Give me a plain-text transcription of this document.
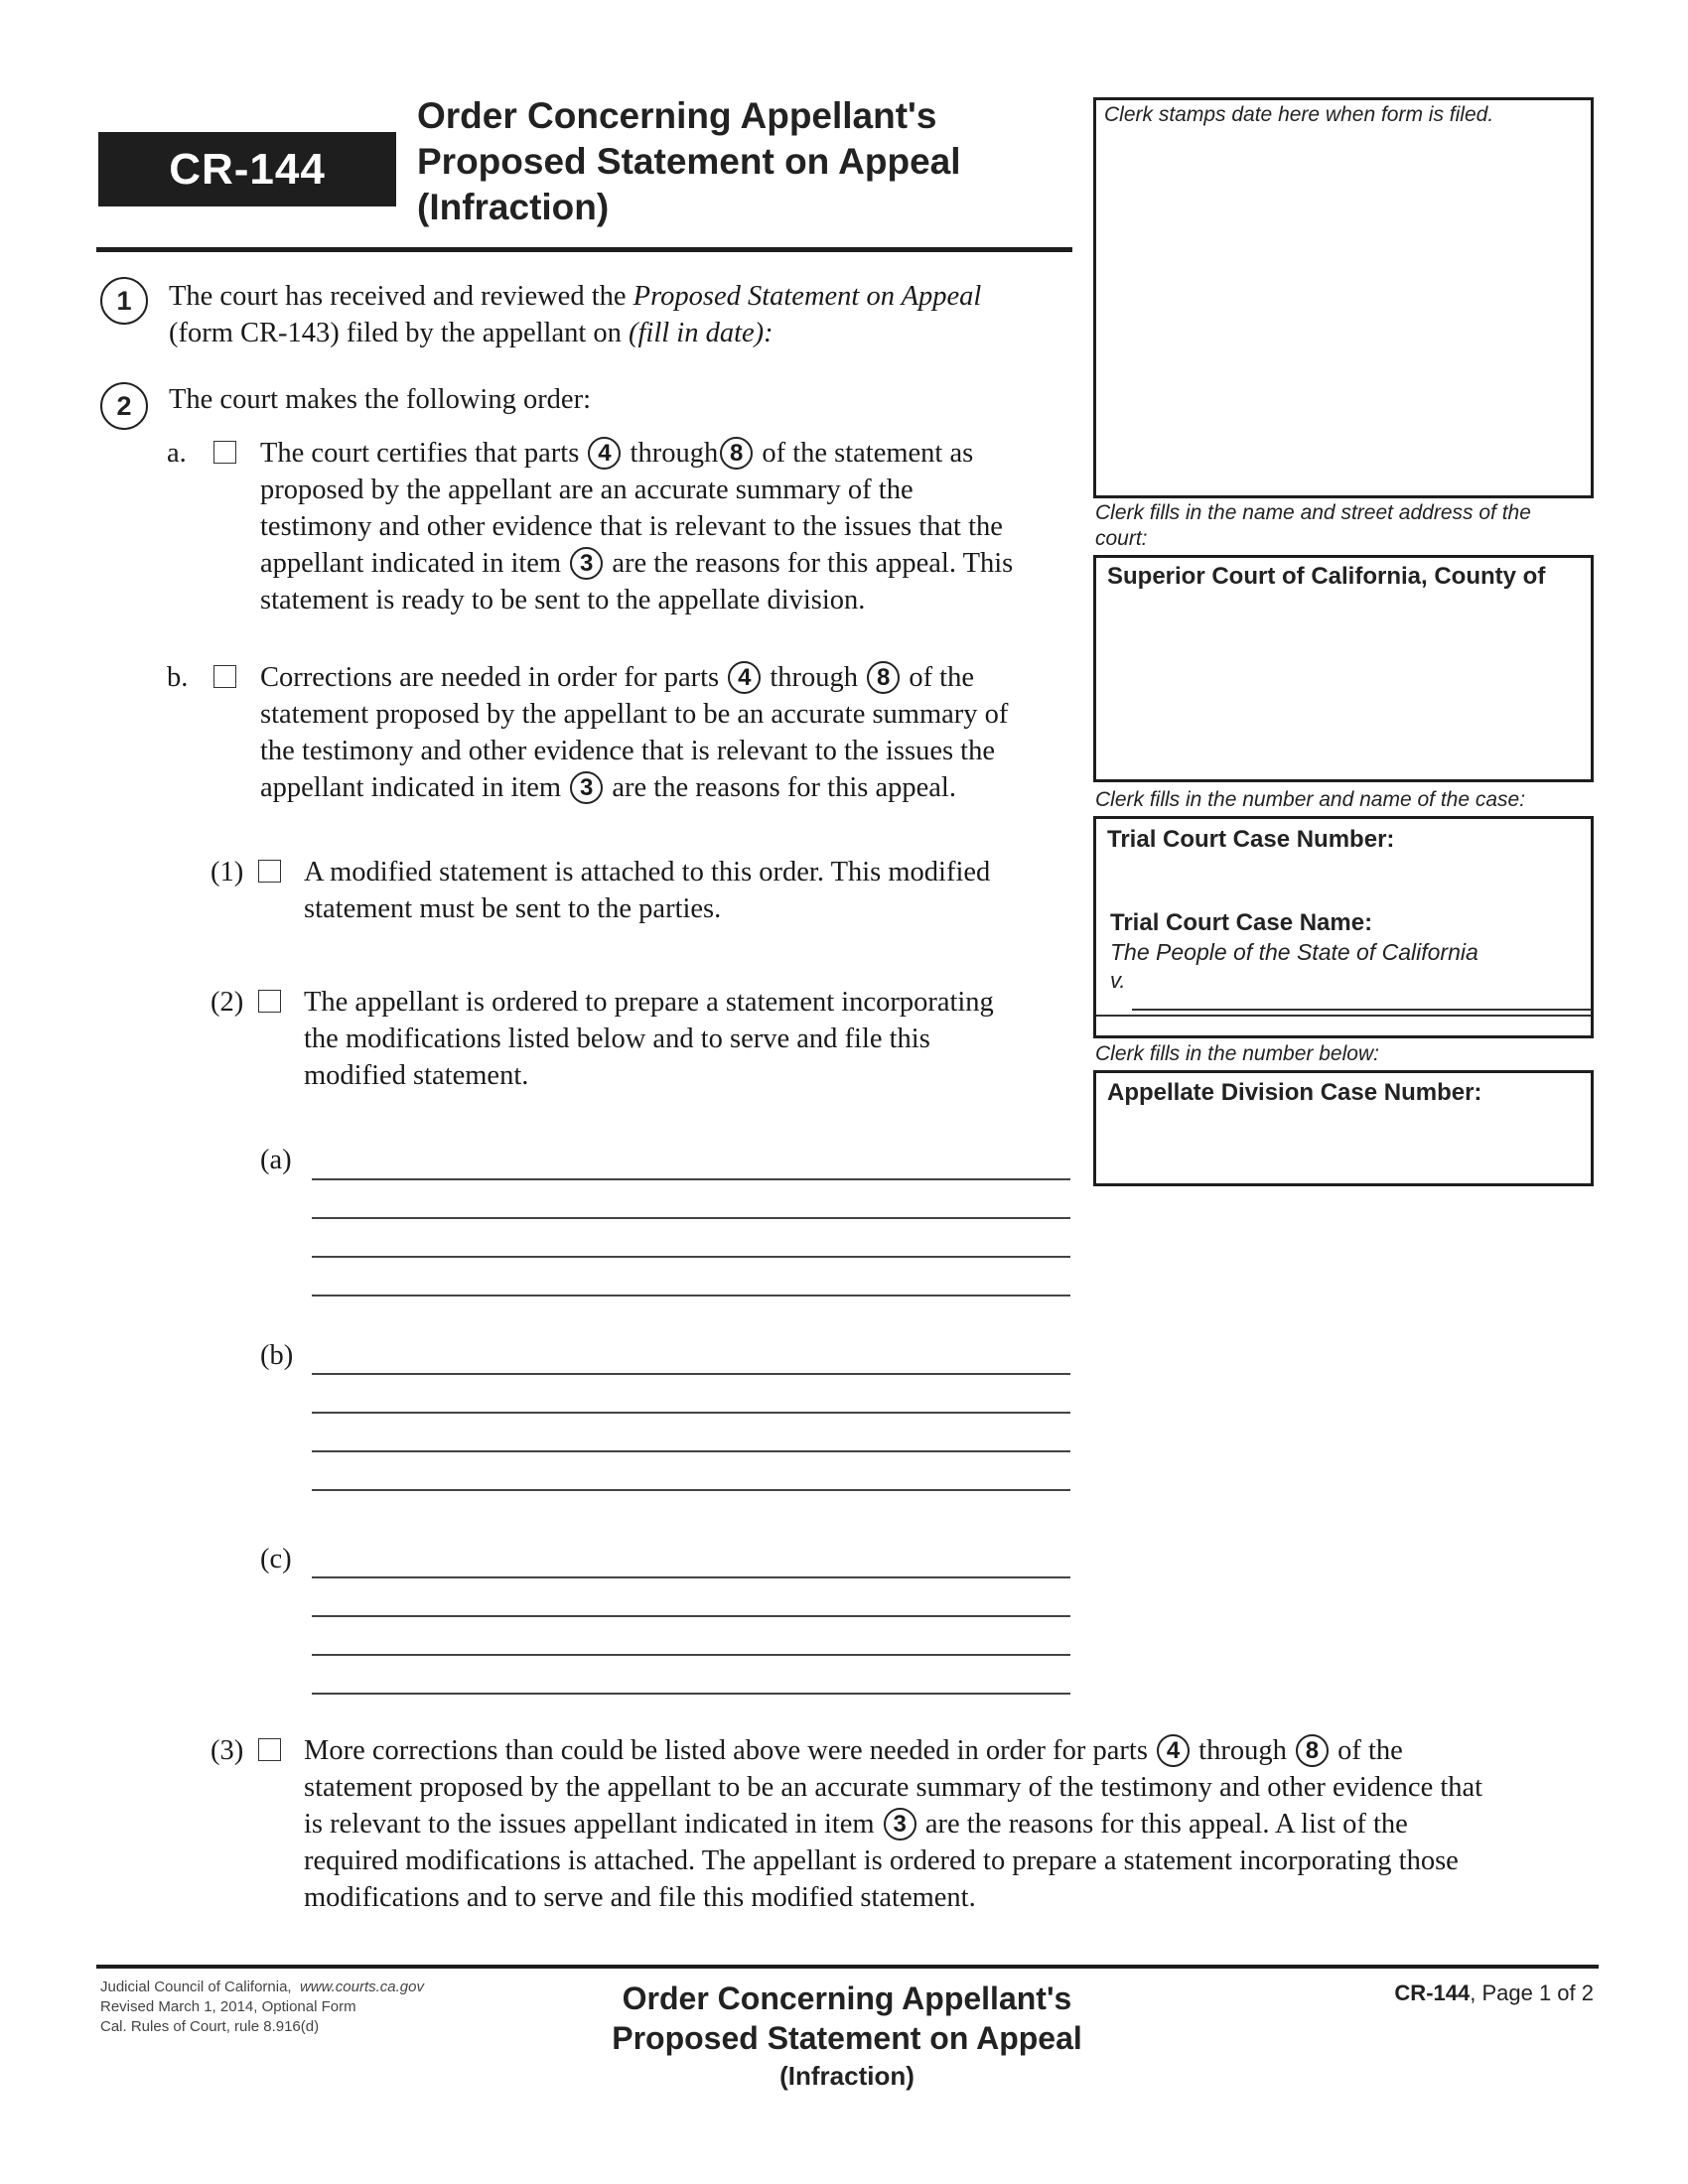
CR-144
Order Concerning Appellant's
Proposed Statement on Appeal
(Infraction)
Clerk stamps date here when form is filed.
Clerk fills in the name and street address of the
court:
Superior Court of California, County of
Clerk fills in the number and name of the case:
Trial Court Case Number:
Trial Court Case Name:
The People of the State of California
v.
Clerk fills in the number below:
Appellate Division Case Number:
1	The court has received and reviewed the Proposed Statement on Appeal
(form CR-143) filed by the appellant on (fill in date):
2	The court makes the following order:
a.	The court certifies that parts 4 through 8 of the statement as
proposed by the appellant are an accurate summary of the
testimony and other evidence that is relevant to the issues that the
appellant indicated in item 3 are the reasons for this appeal. This
statement is ready to be sent to the appellate division.
b.	Corrections are needed in order for parts 4 through 8 of the
statement proposed by the appellant to be an accurate summary of
the testimony and other evidence that is relevant to the issues the
appellant indicated in item 3 are the reasons for this appeal.
(1) A modified statement is attached to this order. This modified
statement must be sent to the parties.
(2) The appellant is ordered to prepare a statement incorporating
the modifications listed below and to serve and file this
modified statement.
(a)
(b)
(c)
(3) More corrections than could be listed above were needed in order for parts 4 through 8 of the
statement proposed by the appellant to be an accurate summary of the testimony and other evidence that
is relevant to the issues appellant indicated in item 3 are the reasons for this appeal. A list of the
required modifications is attached. The appellant is ordered to prepare a statement incorporating those
modifications and to serve and file this modified statement.
Judicial Council of California, www.courts.ca.gov
Revised March 1, 2014, Optional Form
Cal. Rules of Court, rule 8.916(d)
Order Concerning Appellant's
Proposed Statement on Appeal
(Infraction)
CR-144, Page 1 of 2
